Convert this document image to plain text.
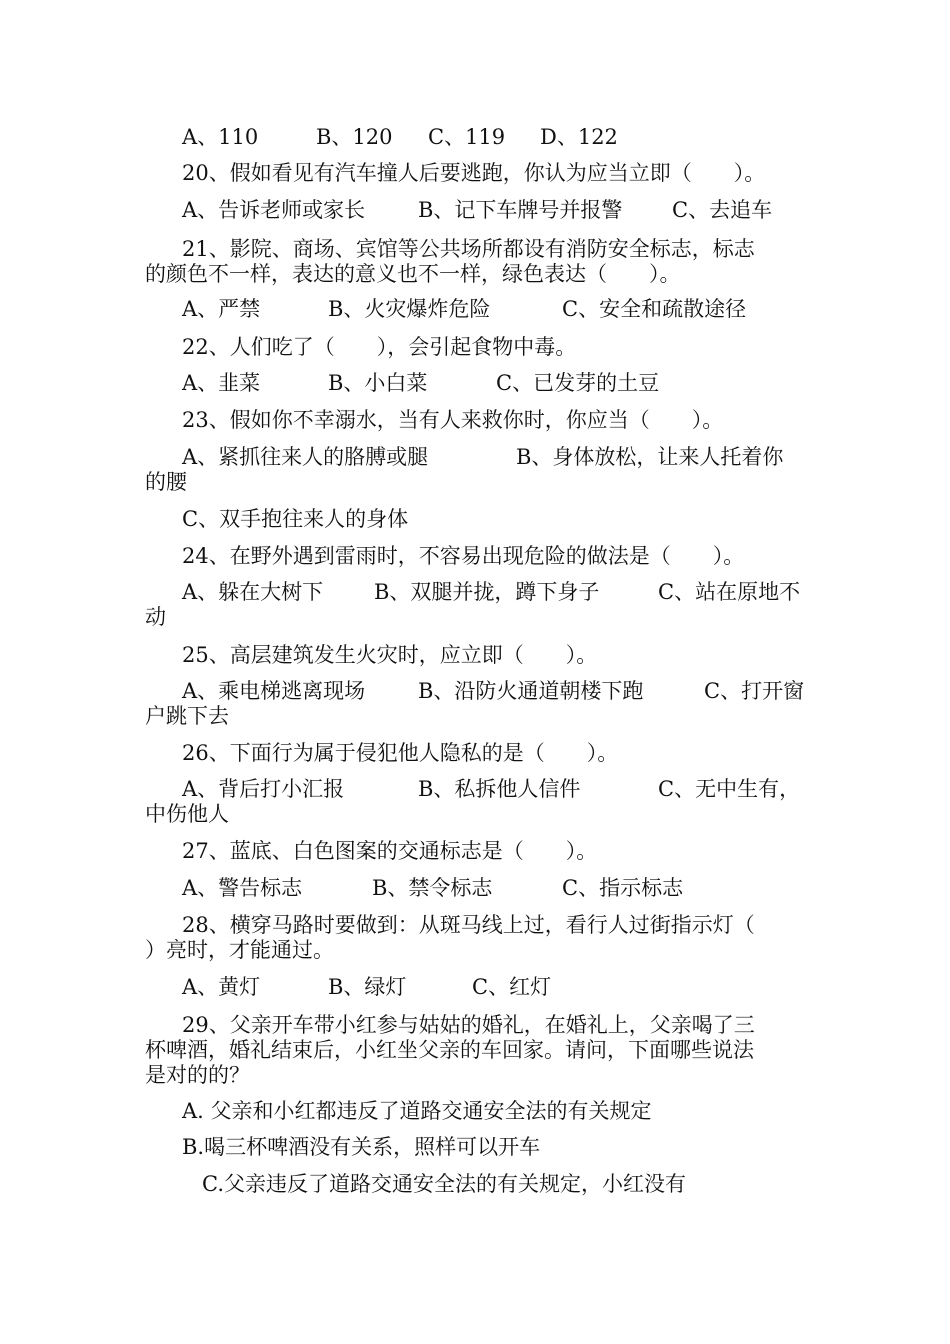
A、110	B、120 C、119 D、122
20、假如看见有汽车撞人后要逃跑，你认为应当立即（　　）。
A、告诉老师或家长	B、记下车牌号并报警 C、去追车
21、影院、商场、宾馆等公共场所都设有消防安全标志，标志
的颜色不一样，表达的意义也不一样，绿色表达（　　）。
A、严禁	B、火灾爆炸危险	C、安全和疏散途径
22、人们吃了（　　），会引起食物中毒。
A、韭菜	B、小白菜	C、已发芽的土豆
23、假如你不幸溺水，当有人来救你时，你应当（　　）。
A、紧抓往来人的胳膊或腿	B、身体放松，让来人托着你
的腰
C、双手抱往来人的身体
24、在野外遇到雷雨时，不容易出现危险的做法是（　　）。
A、躲在大树下 B、双腿并拢，蹲下身子	C、站在原地不
动
25、高层建筑发生火灾时，应立即（　　）。
A、乘电梯逃离现场	B、沿防火通道朝楼下跑	C、打开窗
户跳下去
26、下面行为属于侵犯他人隐私的是（　　）。
A、背后打小汇报	B、私拆他人信件	C、无中生有，
中伤他人
27、蓝底、白色图案的交通标志是（　　）。
A、警告标志	B、禁令标志	C、指示标志
28、横穿马路时要做到：从斑马线上过，看行人过街指示灯（
）亮时，才能通过。
A、黄灯	B、绿灯	C、红灯
29、父亲开车带小红参与姑姑的婚礼，在婚礼上，父亲喝了三
杯啤酒，婚礼结束后，小红坐父亲的车回家。请问，下面哪些说法
是对的的？
A. 父亲和小红都违反了道路交通安全法的有关规定
B.喝三杯啤酒没有关系，照样可以开车
C.父亲违反了道路交通安全法的有关规定，小红没有
